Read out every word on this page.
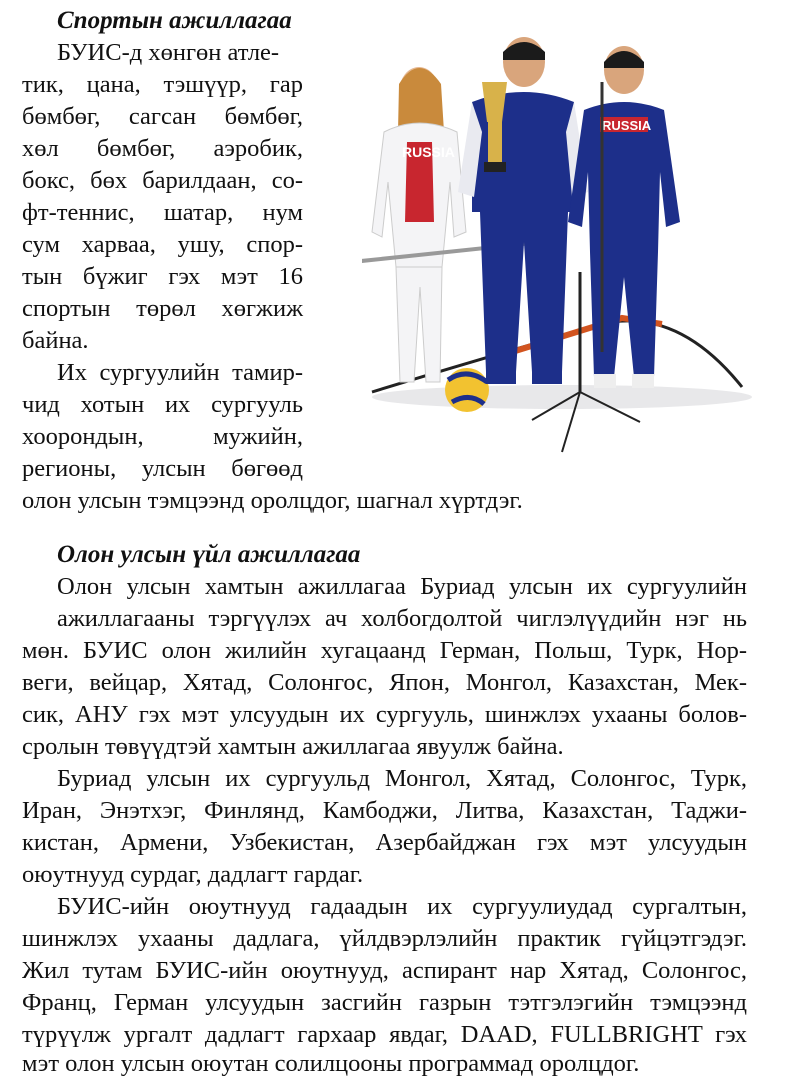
Спортын ажиллагаа
БУИС-д хөнгөн атле-
тик, цана, тэшүүр, гар
бөмбөг, сагсан бөмбөг,
хөл бөмбөг, аэробик,
бокс, бөх барилдаан, со-
фт-теннис, шатар, нум
сум харваа, ушу, спор-
тын бүжиг гэх мэт 16
спортын төрөл хөгжиж
байна.
Их сургуулийн тамир-
чид хотын их сургууль
хоорондын, мужийн,
регионы, улсын бөгөөд
олон улсын тэмцээнд оролцдог, шагнал хүртдэг.
RUSSIA
RUSSIA
Олон улсын үйл ажиллагаа
Олон улсын хамтын ажиллагаа Буриад улсын их сургуулийн
ажиллагааны тэргүүлэх ач холбогдолтой чиглэлүүдийн нэг нь
мөн. БУИС олон жилийн хугацаанд Герман, Польш, Турк, Нор-
веги, вейцар, Хятад, Солонгос, Япон, Монгол, Казахстан, Мек-
сик, АНУ гэх мэт улсуудын их сургууль, шинжлэх ухааны болов-
сролын төвүүдтэй хамтын ажиллагаа явуулж байна.
Буриад улсын их сургуульд Монгол, Хятад, Солонгос, Турк,
Иран, Энэтхэг, Финлянд, Камбоджи, Литва, Казахстан, Таджи-
кистан, Армени, Узбекистан, Азербайджан гэх мэт улсуудын
оюутнууд сурдаг, дадлагт гардаг.
БУИС-ийн оюутнууд гадаадын их сургуулиудад сургалтын,
шинжлэх ухааны дадлага, үйлдвэрлэлийн практик гүйцэтгэдэг.
Жил тутам БУИС-ийн оюутнууд, аспирант нар Хятад, Солонгос,
Франц, Герман улсуудын засгийн газрын тэтгэлэгийн тэмцээнд
түрүүлж ургалт дадлагт гархаар явдаг, DAAD, FULLBRIGHT гэх
мэт олон улсын оюутан солилцооны программад оролцдог.
